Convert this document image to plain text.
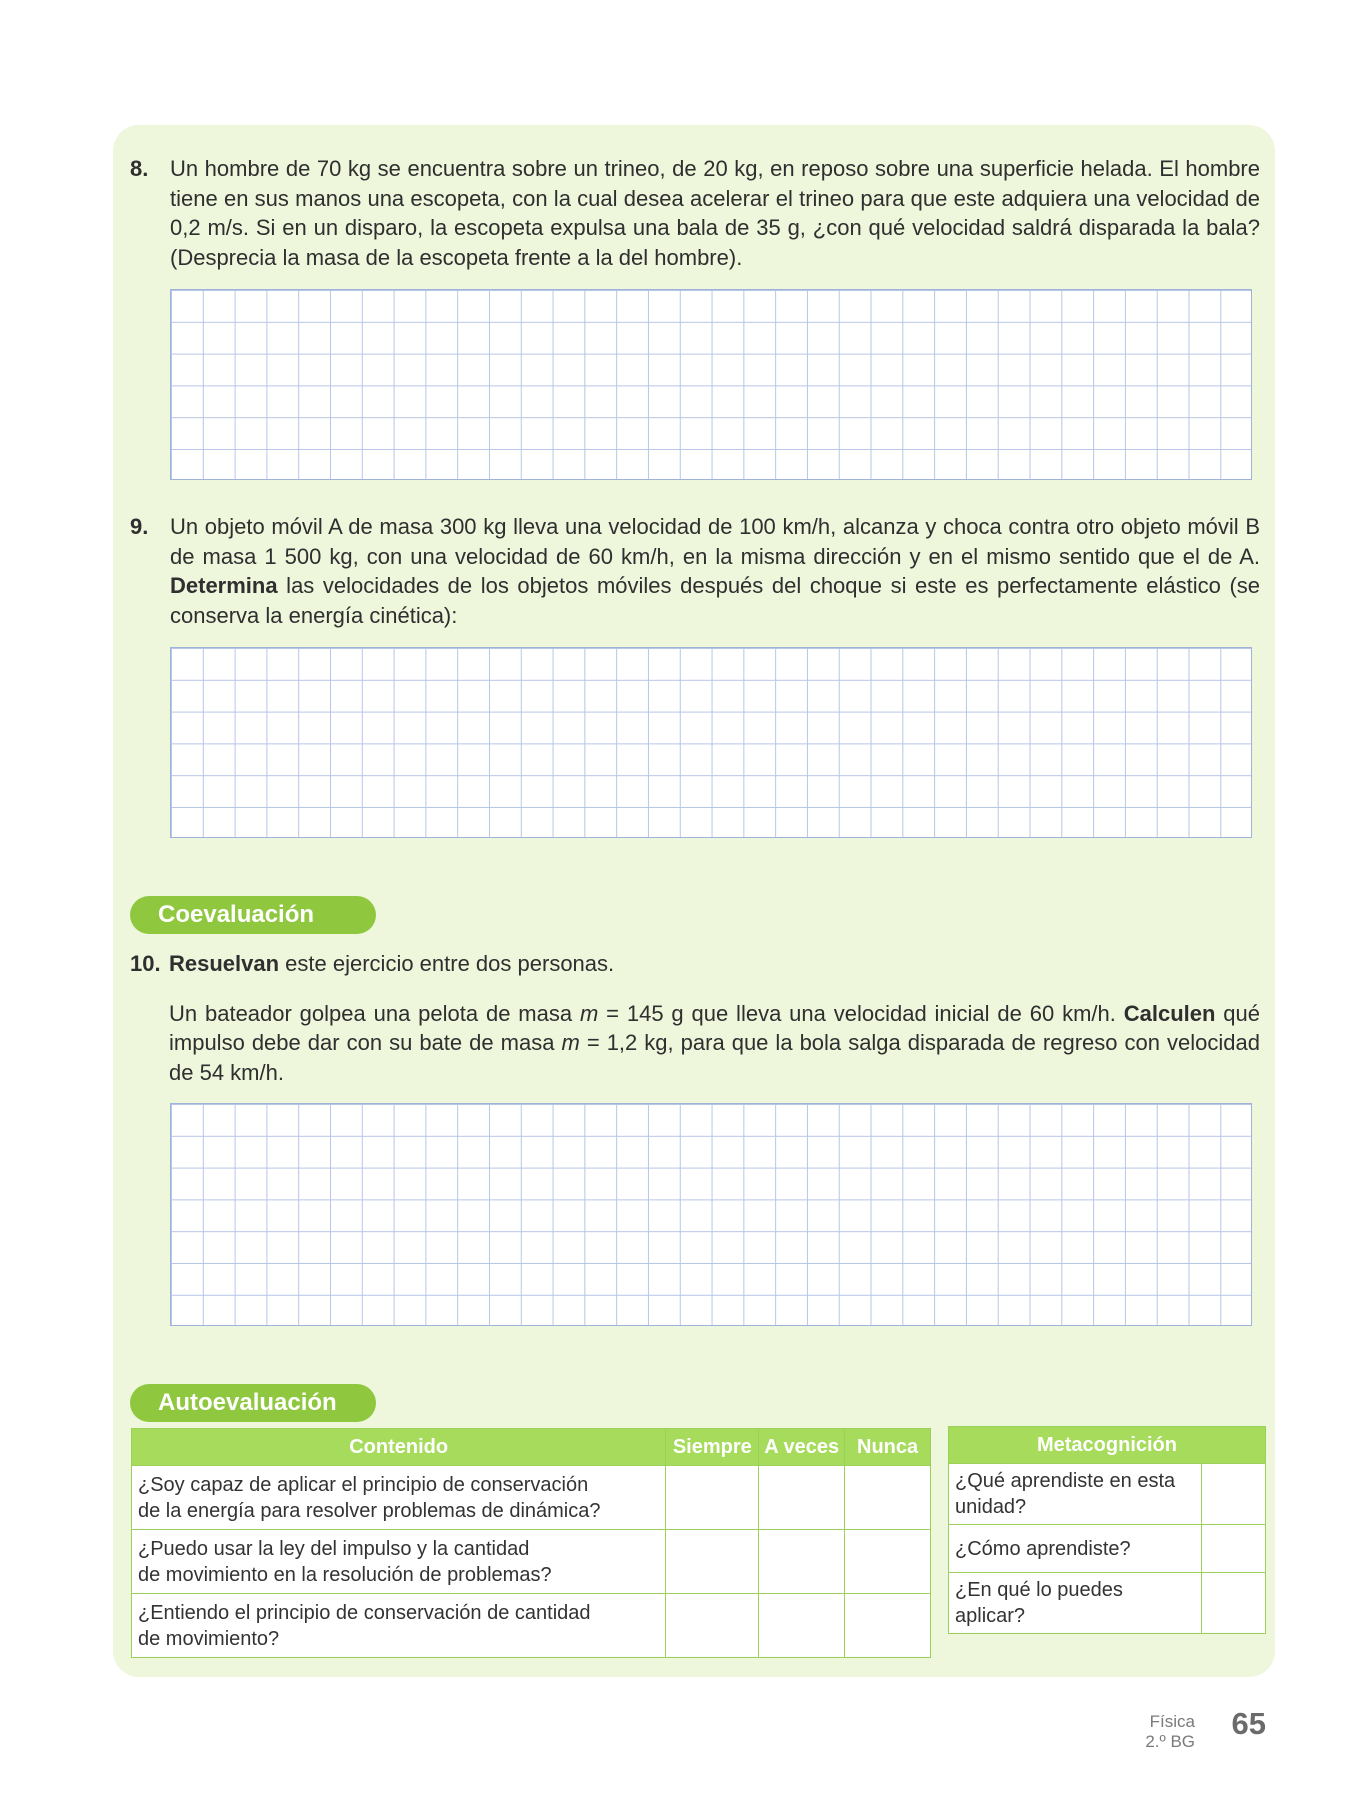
8. Un hombre de 70 kg se encuentra sobre un trineo, de 20 kg, en reposo sobre una superficie helada. El hombre tiene en sus manos una escopeta, con la cual desea acelerar el trineo para que este adquiera una velocidad de 0,2 m/s. Si en un disparo, la escopeta expulsa una bala de 35 g, ¿con qué velocidad saldrá disparada la bala? (Desprecia la masa de la escopeta frente a la del hombre).

9. Un objeto móvil A de masa 300 kg lleva una velocidad de 100 km/h, alcanza y choca contra otro objeto móvil B de masa 1 500 kg, con una velocidad de 60 km/h, en la misma dirección y en el mismo sentido que el de A. Determina las velocidades de los objetos móviles después del choque si este es perfectamente elástico (se conserva la energía cinética):

Coevaluación
10. Resuelvan este ejercicio entre dos personas.

Un bateador golpea una pelota de masa m = 145 g que lleva una velocidad inicial de 60 km/h. Calculen qué impulso debe dar con su bate de masa m = 1,2 kg, para que la bola salga disparada de regreso con velocidad de 54 km/h.

Autoevaluación
Contenido	Siempre	A veces	Nunca
¿Soy capaz de aplicar el principio de conservación
de la energía para resolver problemas de dinámica?			
¿Puedo usar la ley del impulso y la cantidad
de movimiento en la resolución de problemas?			
¿Entiendo el principio de conservación de cantidad
de movimiento?			
Metacognición	
¿Qué aprendiste en esta
unidad?	
¿Cómo aprendiste?	
¿En qué lo puedes aplicar?	
Física
2.º BG
65
